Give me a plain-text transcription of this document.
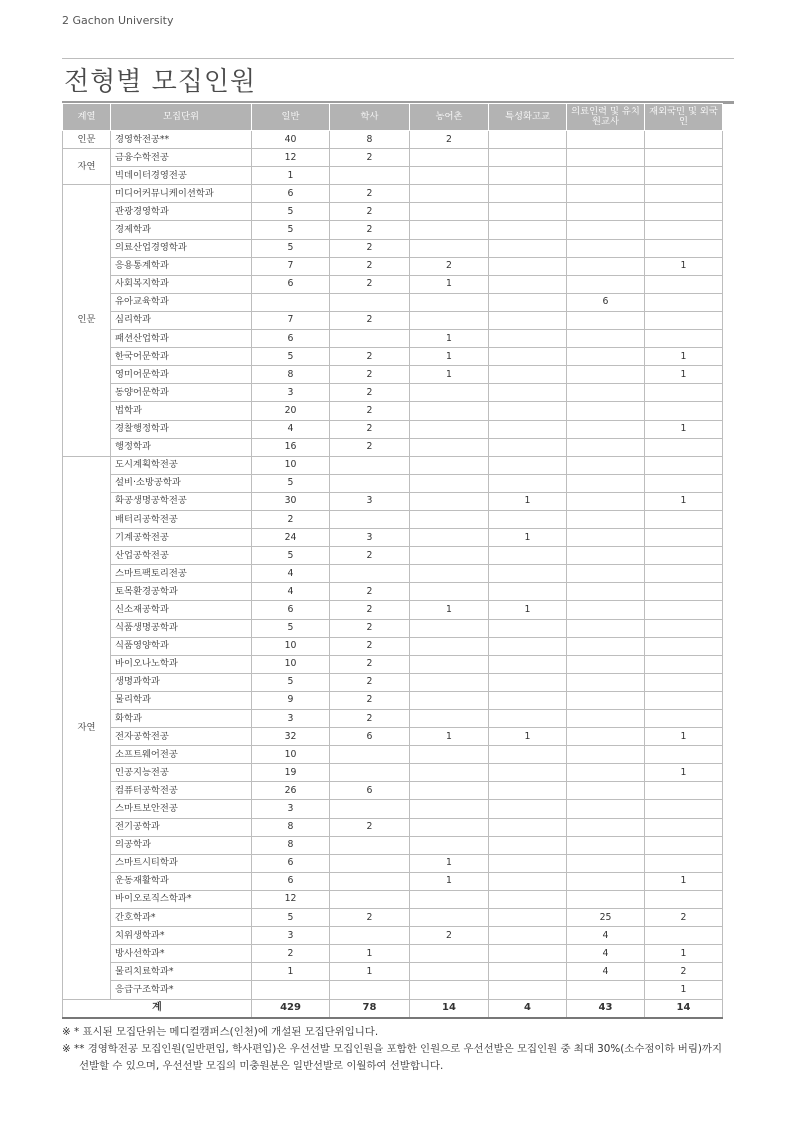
2 Gachon University
전형별 모집인원
계열	모집단위	일반	학사	농어촌	특성화고교	의료인력 및 유치원교사	재외국민 및 외국인
인문	경영학전공**	40	8	2			
자연	금융수학전공	12	2				
	빅데이터경영전공	1					
인문	미디어커뮤니케이션학과	6	2				
	관광경영학과	5	2				
	경제학과	5	2				
	의료산업경영학과	5	2				
	응용통계학과	7	2	2			1
	사회복지학과	6	2	1			
	유아교육학과					6	
	심리학과	7	2				
	패션산업학과	6		1			
	한국어문학과	5	2	1			1
	영미어문학과	8	2	1			1
	동양어문학과	3	2				
	법학과	20	2				
	경찰행정학과	4	2				1
	행정학과	16	2				
자연	도시계획학전공	10					
	설비·소방공학과	5					
	화공생명공학전공	30	3		1		1
	배터리공학전공	2					
	기계공학전공	24	3		1		
	산업공학전공	5	2				
	스마트팩토리전공	4					
	토목환경공학과	4	2				
	신소재공학과	6	2	1	1		
	식품생명공학과	5	2				
	식품영양학과	10	2				
	바이오나노학과	10	2				
	생명과학과	5	2				
	물리학과	9	2				
	화학과	3	2				
	전자공학전공	32	6	1	1		1
	소프트웨어전공	10					
	인공지능전공	19					1
	컴퓨터공학전공	26	6				
	스마트보안전공	3					
	전기공학과	8	2				
	의공학과	8					
	스마트시티학과	6		1			
	운동재활학과	6		1			1
	바이오로직스학과*	12					
	간호학과*	5	2			25	2
	치위생학과*	3		2		4	
	방사선학과*	2	1			4	1
	물리치료학과*	1	1			4	2
	응급구조학과*						1
계		429	78	14	4	43	14
※ * 표시된 모집단위는 메디컬캠퍼스(인천)에 개설된 모집단위입니다.
※ ** 경영학전공 모집인원(일반편입, 학사편입)은 우선선발 모집인원을 포함한 인원으로 우선선발은 모집인원 중 최대 30%(소수점이하 버림)까지 선발할 수 있으며, 우선선발 모집의 미충원분은 일반선발로 이월하여 선발합니다.
